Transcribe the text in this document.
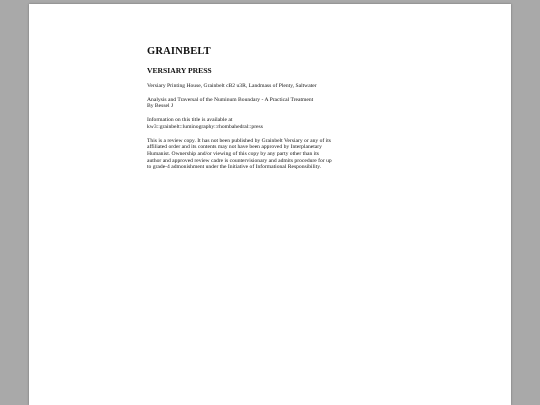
GRAINBELT
VERSIARY PRESS
Versiary Printing House, Grainbelt cB2 u3R, Landmass of Plenty, Saltwater
Analysis and Traversal of the Numinum Boundary - A Practical Treatment
By Bessel J
Information on this title is available at
kw3::grainbelt::luminography::rhombahedral::press
This is a review copy. It has not been published by Grainbelt Versiary or any of its
affiliated order and its contents may not have been approved by Interplanetary
Humanist. Ownership and/or viewing of this copy by any party other than its
author and approved review cadre is countervisionary and admits procedure for up
to grade-4 admonishment under the Initiative of Informational Responsibility.
